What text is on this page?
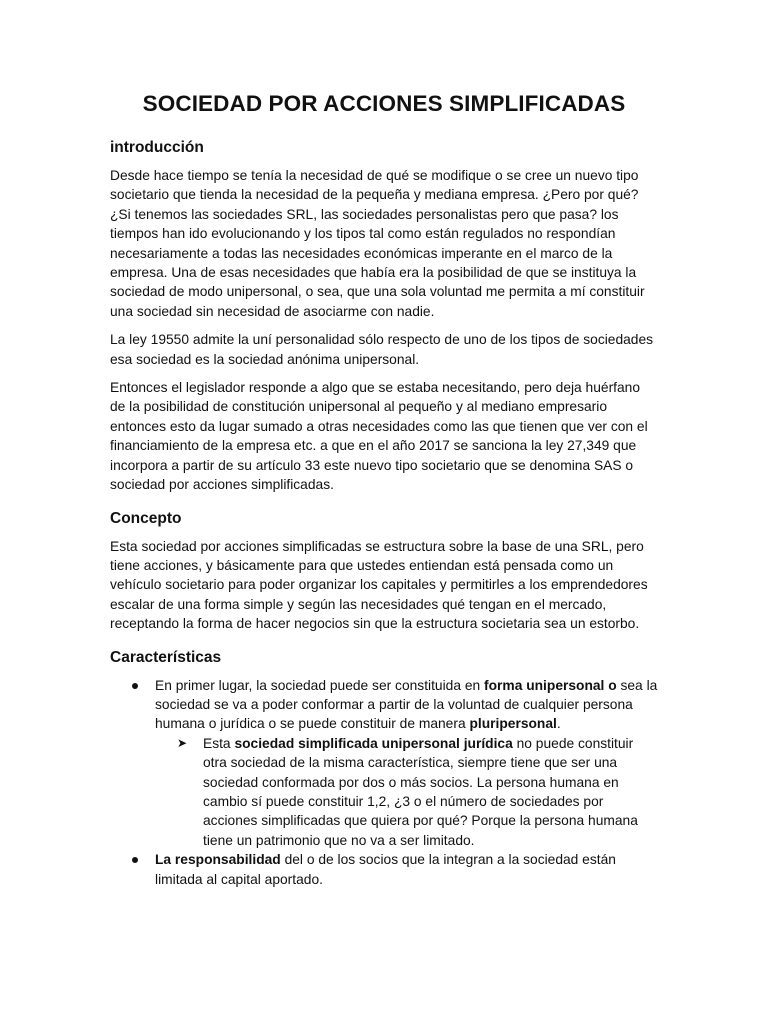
SOCIEDAD POR ACCIONES SIMPLIFICADAS
introducción

Desde hace tiempo se tenía la necesidad de qué se modifique o se cree un nuevo tipo societario que tienda la necesidad de la pequeña y mediana empresa. ¿Pero por qué? ¿Si tenemos las sociedades SRL, las sociedades personalistas pero que pasa? los tiempos han ido evolucionando y los tipos tal como están regulados no respondían necesariamente a todas las necesidades económicas imperante en el marco de la empresa. Una de esas necesidades que había era la posibilidad de que se instituya la sociedad de modo unipersonal, o sea, que una sola voluntad me permita a mí constituir una sociedad sin necesidad de asociarme con nadie.

La ley 19550 admite la uní personalidad sólo respecto de uno de los tipos de sociedades esa sociedad es la sociedad anónima unipersonal.

Entonces el legislador responde a algo que se estaba necesitando, pero deja huérfano de la posibilidad de constitución unipersonal al pequeño y al mediano empresario entonces esto da lugar sumado a otras necesidades como las que tienen que ver con el financiamiento de la empresa etc. a que en el año 2017 se sanciona la ley 27,349 que incorpora a partir de su artículo 33 este nuevo tipo societario que se denomina SAS o sociedad por acciones simplificadas.

Concepto

Esta sociedad por acciones simplificadas se estructura sobre la base de una SRL, pero tiene acciones, y básicamente para que ustedes entiendan está pensada como un vehículo societario para poder organizar los capitales y permitirles a los emprendedores escalar de una forma simple y según las necesidades qué tengan en el mercado, receptando la forma de hacer negocios sin que la estructura societaria sea un estorbo.

Características
En primer lugar, la sociedad puede ser constituida en forma unipersonal o sea la sociedad se va a poder conformar a partir de la voluntad de cualquier persona humana o jurídica o se puede constituir de manera pluripersonal.
➤ Esta sociedad simplificada unipersonal jurídica no puede constituir otra sociedad de la misma característica, siempre tiene que ser una sociedad conformada por dos o más socios. La persona humana en cambio sí puede constituir 1,2, ¿3 o el número de sociedades por acciones simplificadas que quiera por qué? Porque la persona humana tiene un patrimonio que no va a ser limitado.
La responsabilidad del o de los socios que la integran a la sociedad están limitada al capital aportado.
